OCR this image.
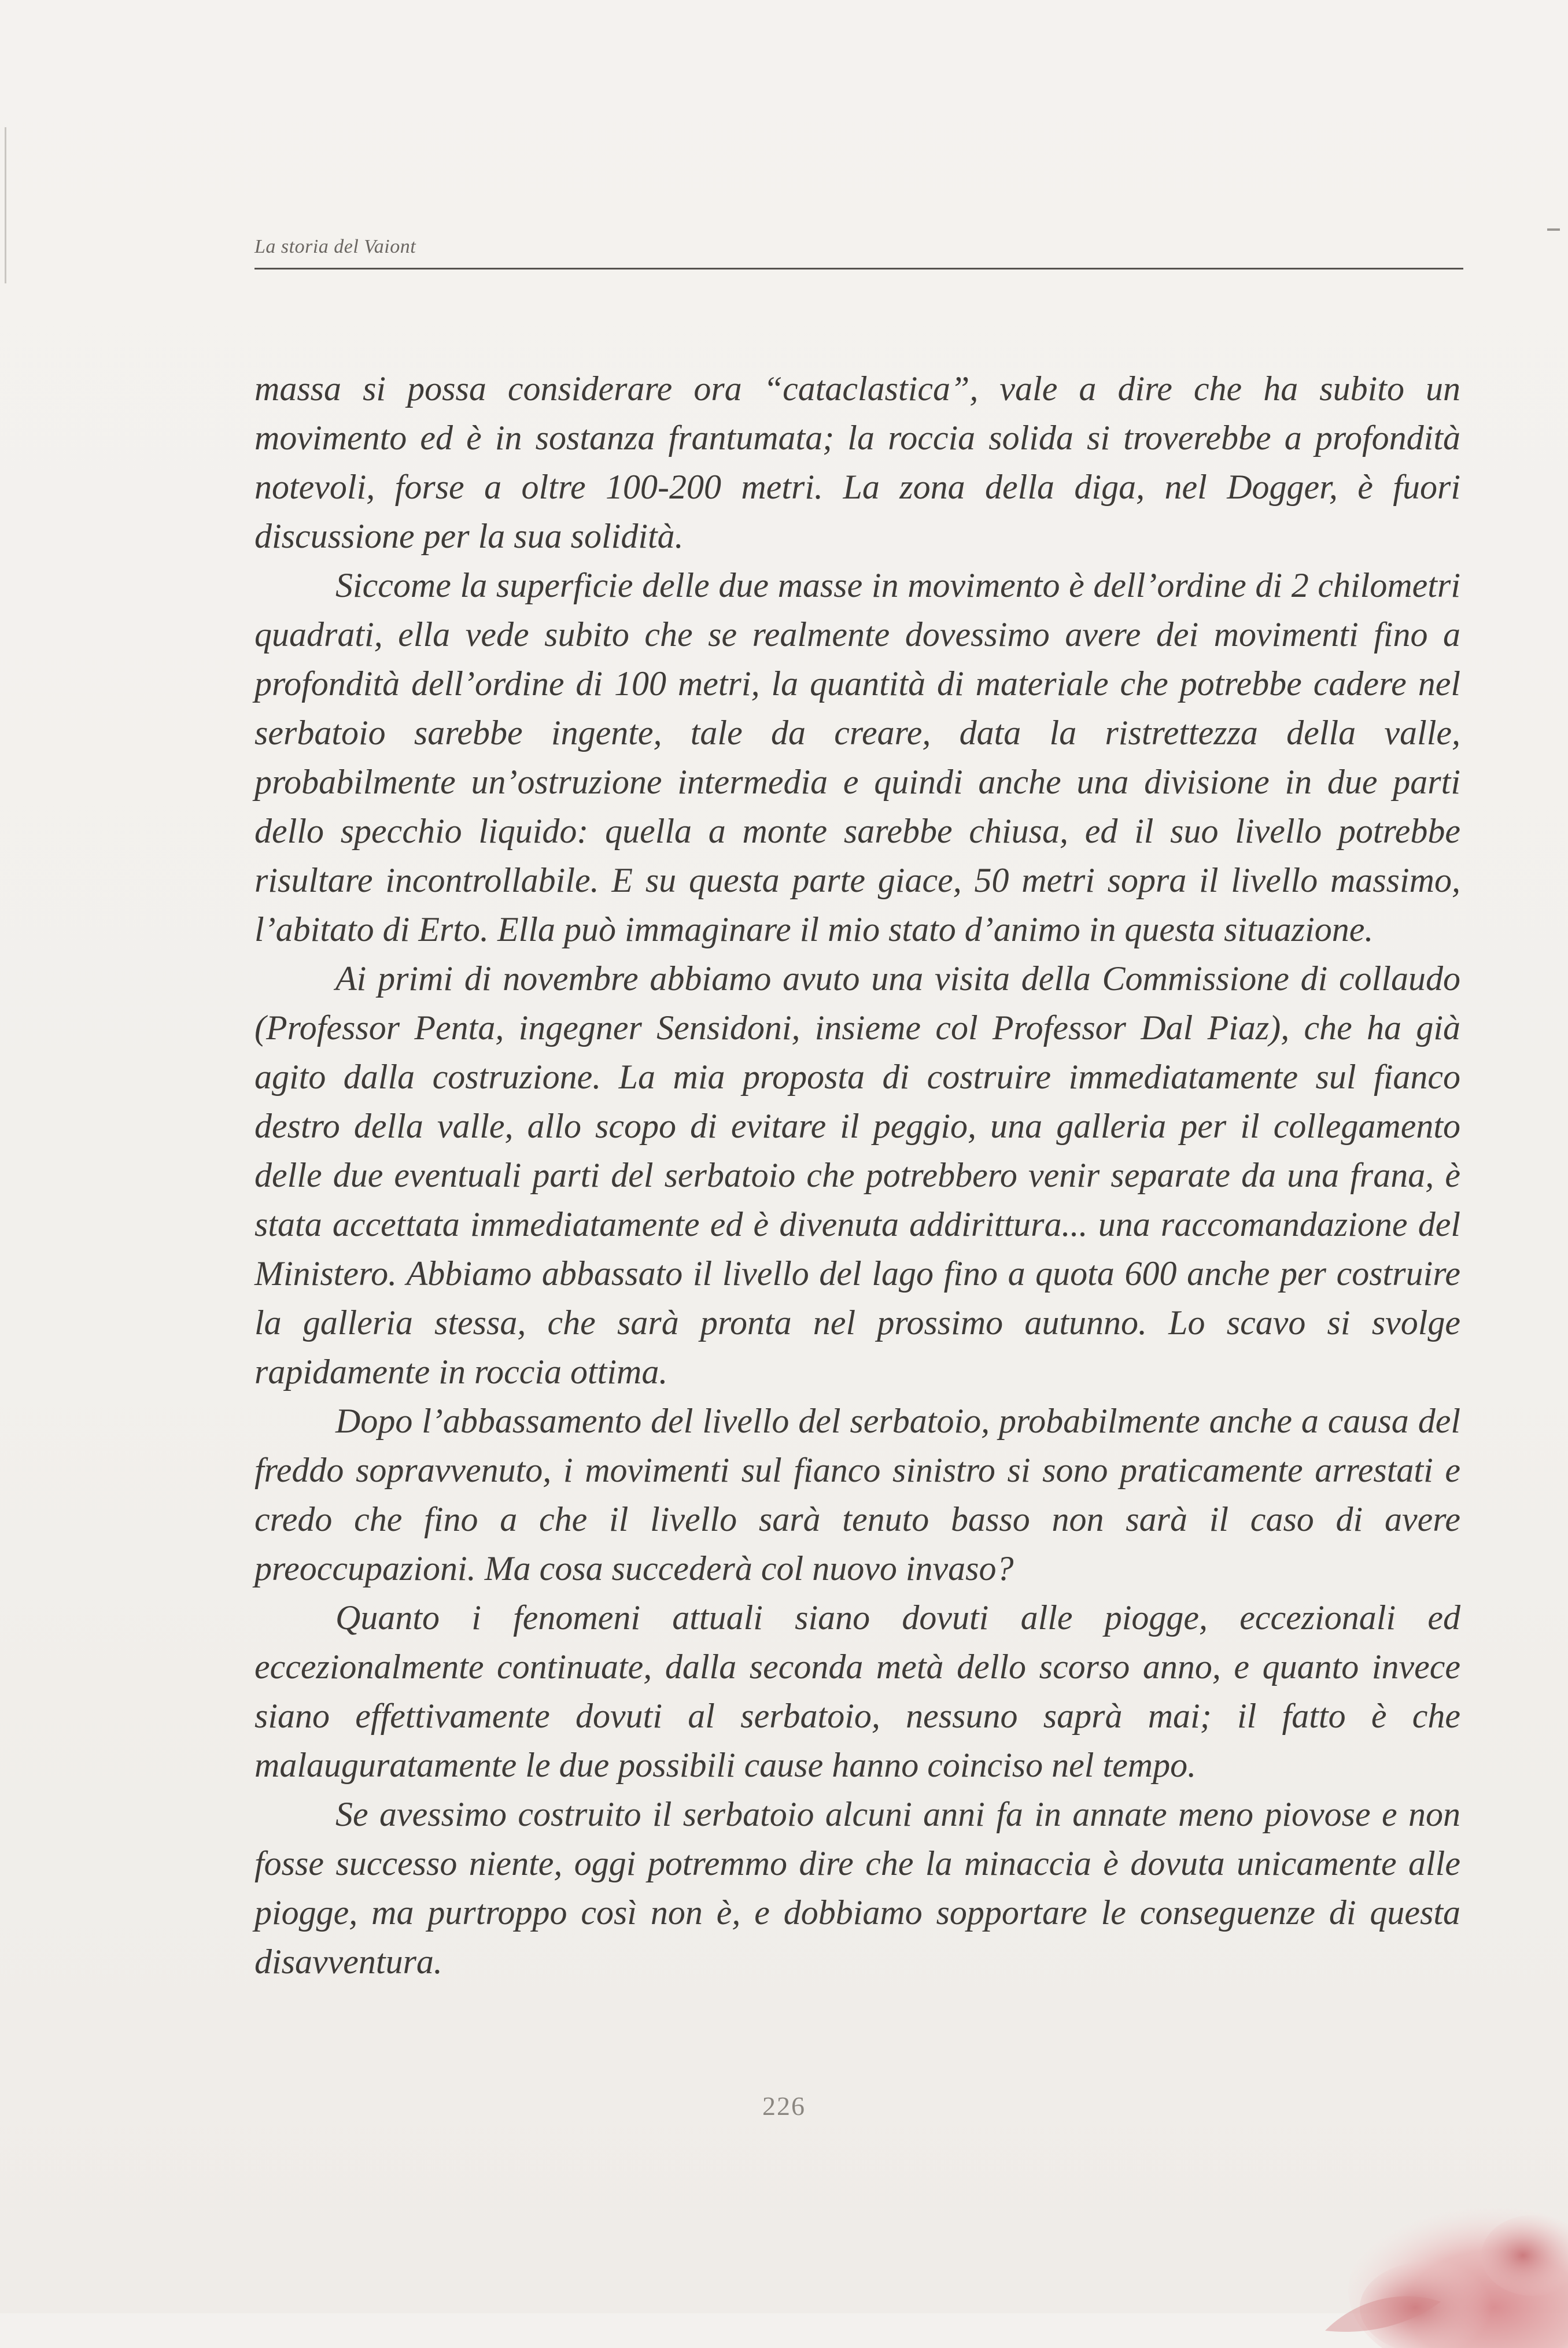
La storia del Vaiont

massa si possa considerare ora “cataclastica”, vale a dire che ha subito un movimento ed è in sostanza frantumata; la roccia solida si troverebbe a profondità notevoli, forse a oltre 100-200 metri. La zona della diga, nel Dogger, è fuori discussione per la sua solidità.

Siccome la superficie delle due masse in movimento è dell’ordine di 2 chilometri quadrati, ella vede subito che se realmente dovessimo avere dei movimenti fino a profondità dell’ordine di 100 metri, la quantità di materiale che potrebbe cadere nel serbatoio sarebbe ingente, tale da creare, data la ristrettezza della valle, probabilmente un’ostruzione intermedia e quindi anche una divisione in due parti dello specchio liquido: quella a monte sarebbe chiusa, ed il suo livello potrebbe risultare incontrollabile. E su questa parte giace, 50 metri sopra il livello massimo, l’abitato di Erto. Ella può immaginare il mio stato d’animo in questa situazione.

Ai primi di novembre abbiamo avuto una visita della Commissione di collaudo (Professor Penta, ingegner Sensidoni, insieme col Professor Dal Piaz), che ha già agito dalla costruzione. La mia proposta di costruire immediatamente sul fianco destro della valle, allo scopo di evitare il peggio, una galleria per il collegamento delle due eventuali parti del serbatoio che potrebbero venir separate da una frana, è stata accettata immediatamente ed è divenuta addirittura... una raccomandazione del Ministero. Abbiamo abbassato il livello del lago fino a quota 600 anche per costruire la galleria stessa, che sarà pronta nel prossimo autunno. Lo scavo si svolge rapidamente in roccia ottima.

Dopo l’abbassamento del livello del serbatoio, probabilmente anche a causa del freddo sopravvenuto, i movimenti sul fianco sinistro si sono praticamente arrestati e credo che fino a che il livello sarà tenuto basso non sarà il caso di avere preoccupazioni. Ma cosa succederà col nuovo invaso?

Quanto i fenomeni attuali siano dovuti alle piogge, eccezionali ed eccezionalmente continuate, dalla seconda metà dello scorso anno, e quanto invece siano effettivamente dovuti al serbatoio, nessuno saprà mai; il fatto è che malauguratamente le due possibili cause hanno coinciso nel tempo.

Se avessimo costruito il serbatoio alcuni anni fa in annate meno piovose e non fosse successo niente, oggi potremmo dire che la minaccia è dovuta unicamente alle piogge, ma purtroppo così non è, e dobbiamo sopportare le conseguenze di questa disavventura.

226
